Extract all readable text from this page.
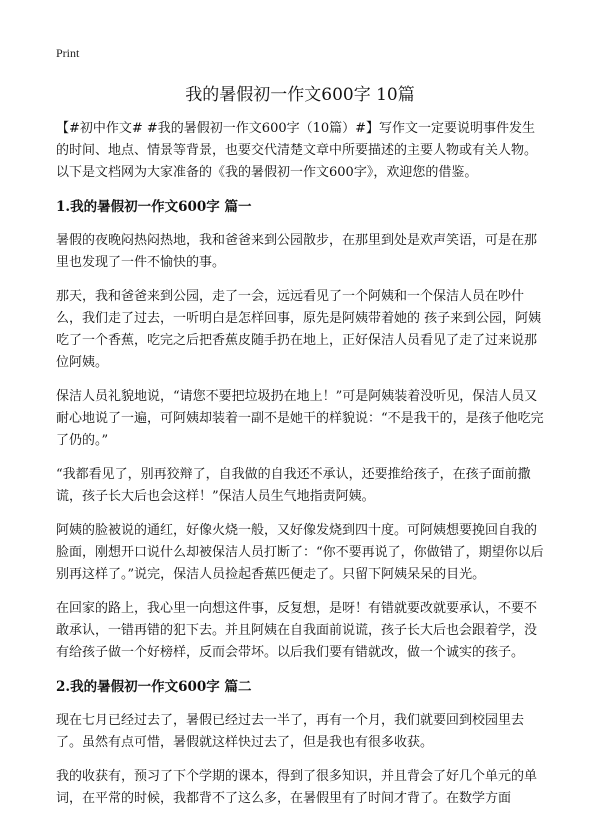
Print
我的暑假初一作文600字 10篇

【#初中作文# #我的暑假初一作文600字（10篇）#】写作文一定要说明事件发生的时间、地点、情景等背景，也要交代清楚文章中所要描述的主要人物或有关人物。以下是文档网为大家准备的《我的暑假初一作文600字》，欢迎您的借鉴。

1.我的暑假初一作文600字 篇一

暑假的夜晚闷热闷热地，我和爸爸来到公园散步，在那里到处是欢声笑语，可是在那里也发现了一件不愉快的事。

那天，我和爸爸来到公园，走了一会，远远看见了一个阿姨和一个保洁人员在吵什么，我们走了过去，一听明白是怎样回事，原先是阿姨带着她的 孩子来到公园，阿姨吃了一个香蕉，吃完之后把香蕉皮随手扔在地上，正好保洁人员看见了走了过来说那位阿姨。

保洁人员礼貌地说，“请您不要把垃圾扔在地上！”可是阿姨装着没听见，保洁人员又耐心地说了一遍，可阿姨却装着一副不是她干的样貌说：“不是我干的，是孩子他吃完了仍的。”

“我都看见了，别再狡辩了，自我做的自我还不承认，还要推给孩子，在孩子面前撒谎，孩子长大后也会这样！”保洁人员生气地指责阿姨。

阿姨的脸被说的通红，好像火烧一般，又好像发烧到四十度。可阿姨想要挽回自我的脸面，刚想开口说什么却被保洁人员打断了：“你不要再说了，你做错了，期望你以后别再这样了。”说完，保洁人员捡起香蕉匹便走了。只留下阿姨呆呆的目光。

在回家的路上，我心里一向想这件事，反复想，是呀！有错就要改就要承认，不要不敢承认，一错再错的犯下去。并且阿姨在自我面前说谎，孩子长大后也会跟着学，没有给孩子做一个好榜样，反而会带坏。以后我们要有错就改，做一个诚实的孩子。

2.我的暑假初一作文600字 篇二

现在七月已经过去了，暑假已经过去一半了，再有一个月，我们就要回到校园里去了。虽然有点可惜，暑假就这样快过去了，但是我也有很多收获。

我的收获有，预习了下个学期的课本，得到了很多知识，并且背会了好几个单元的单词，在平常的时候，我都背不了这么多，在暑假里有了时间才背了。在数学方面
